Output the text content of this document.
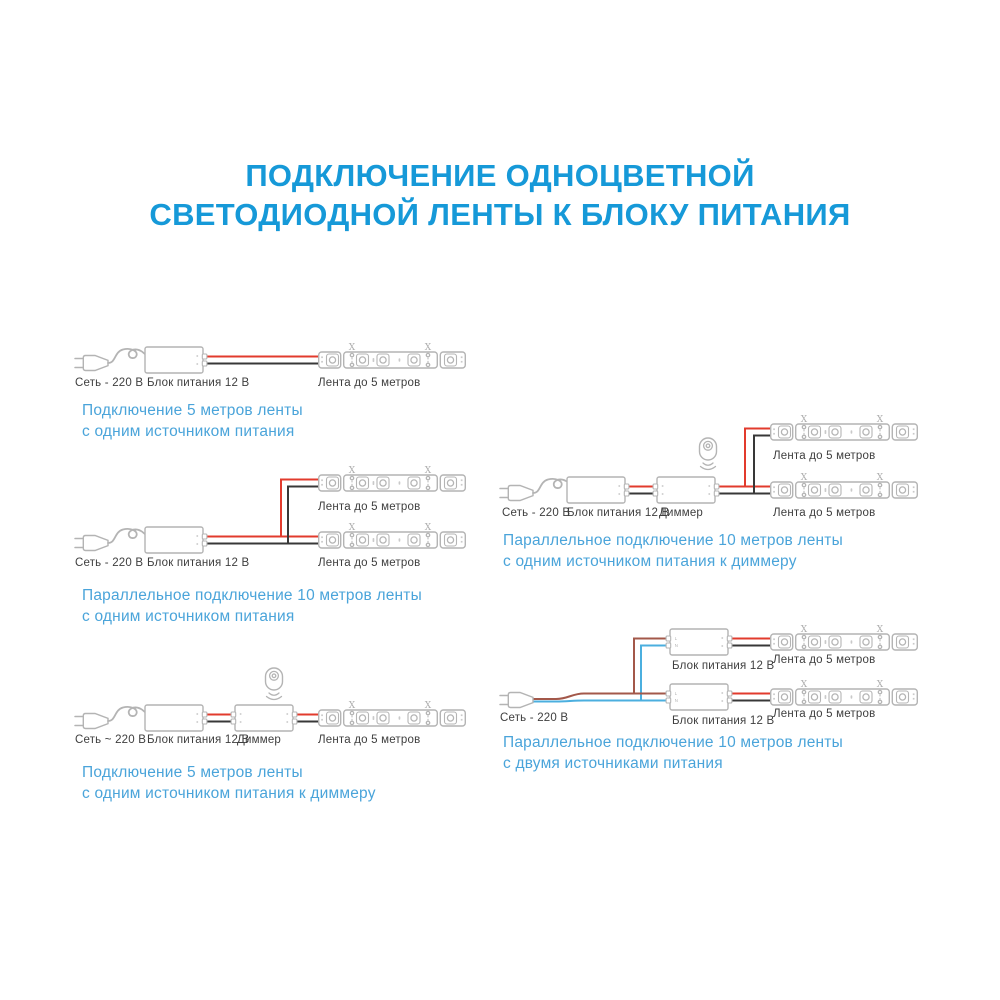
ПОДКЛЮЧЕНИЕ ОДНОЦВЕТНОЙ
СВЕТОДИОДНОЙ ЛЕНТЫ К БЛОКУ ПИТАНИЯ
N
Сеть - 220 В Блок питания 12 В	Лента до 5 метров
Подключение 5 метров ленты
с одним источником питания
Лента до 5 метров
Сеть - 220 В Блок питания 12 В	Лента до 5 метров
Параллельное подключение 10 метров ленты
с одним источником питания
Сеть ~ 220 В Блок питания 12 В
Диммер	Лента до 5 метров
Подключение 5 метров ленты
с одним источником питания к диммеру
Лента до 5 метров
Сеть - 220 В
Блок питания 12 В
Диммер	Лента до 5 метров
Параллельное подключение 10 метров ленты
с одним источником питания к диммеру
Лента до 5 метров
Блок питания 12 В
Сеть - 220 В	Лента до 5 метров
Блок питания 12 В
Параллельное подключение 10 метров ленты
с двумя источниками питания
